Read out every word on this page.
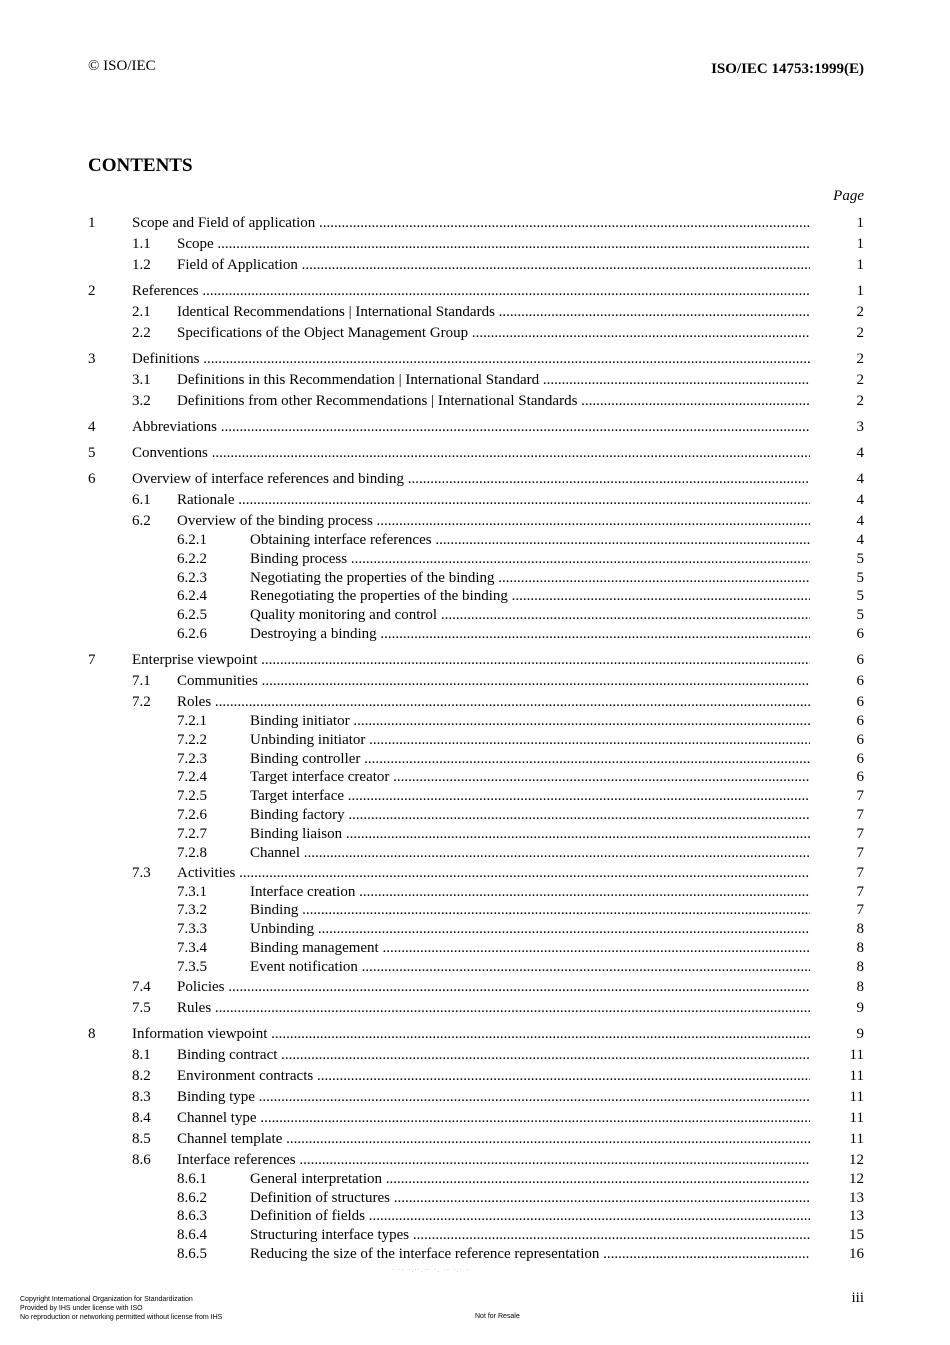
© ISO/IEC	ISO/IEC 14753:1999(E)
CONTENTS
Page
1 Scope and Field of application .....	1
1.1 Scope .....	1
1.2 Field of Application .....	1
2 References .....	1
2.1 Identical Recommendations | International Standards .....	2
2.2 Specifications of the Object Management Group .....	2
3 Definitions .....	2
3.1 Definitions in this Recommendation | International Standard .....	2
3.2 Definitions from other Recommendations | International Standards .....	2
4 Abbreviations .....	3
5 Conventions .....	4
6 Overview of interface references and binding .....	4
6.1 Rationale .....	4
6.2 Overview of the binding process .....	4
6.2.1	Obtaining interface references .....	4
6.2.2	Binding process .....	5
6.2.3	Negotiating the properties of the binding .....	5
6.2.4	Renegotiating the properties of the binding .....	5
6.2.5	Quality monitoring and control .....	5
6.2.6	Destroying a binding .....	6
7 Enterprise viewpoint .....	6
7.1 Communities .....	6
7.2 Roles .....	6
7.2.1	Binding initiator .....	6
7.2.2	Unbinding initiator .....	6
7.2.3	Binding controller .....	6
7.2.4	Target interface creator .....	6
7.2.5	Target interface .....	7
7.2.6	Binding factory .....	7
7.2.7	Binding liaison .....	7
7.2.8	Channel .....	7
7.3 Activities .....	7
7.3.1	Interface creation .....	7
7.3.2	Binding .....	7
7.3.3	Unbinding .....	8
7.3.4	Binding management .....	8
7.3.5	Event notification .....	8
7.4 Policies .....	8
7.5 Rules .....	9
8 Information viewpoint .....	9
8.1 Binding contract .....	11
8.2 Environment contracts .....	11
8.3 Binding type .....	11
8.4 Channel type .....	11
8.5 Channel template .....	11
8.6 Interface references .....	12
8.6.1	General interpretation .....	12
8.6.2	Definition of structures .....	13
8.6.3	Definition of fields .....	13
8.6.4	Structuring interface types .....	15
8.6.5	Reducing the size of the interface reference representation .....	16
· ·· ·.··.·· ·. ·· ·.· ·
iii
Copyright International Organization for Standardization
Provided by IHS under license with ISO
No reproduction or networking permitted without license from IHS	Not for Resale
